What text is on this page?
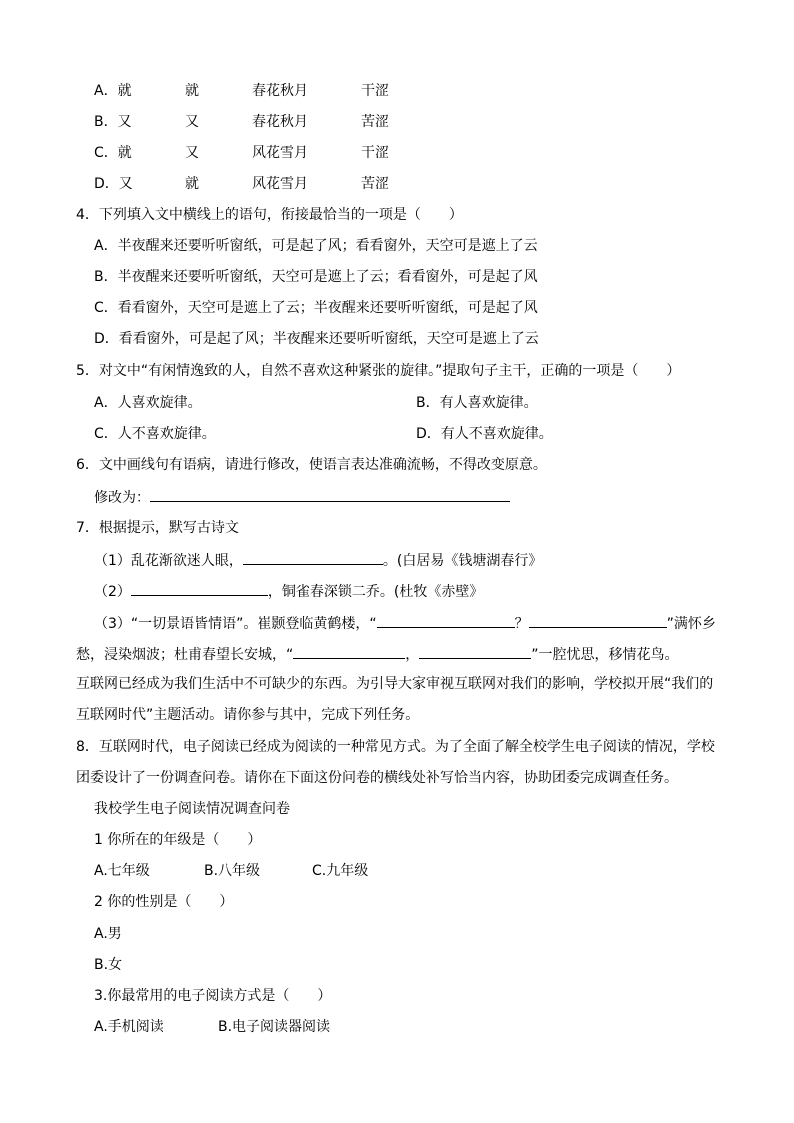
A．就	就	春花秋月	干涩
B．又	又	春花秋月	苦涩
C．就	又	风花雪月	干涩
D．又	就	风花雪月	苦涩
4．下列填入文中横线上的语句，衔接最恰当的一项是（　　）
A．半夜醒来还要听听窗纸，可是起了风；看看窗外，天空可是遮上了云
B．半夜醒来还要听听窗纸，天空可是遮上了云；看看窗外，可是起了风
C．看看窗外，天空可是遮上了云；半夜醒来还要听听窗纸，可是起了风
D．看看窗外，可是起了风；半夜醒来还要听听窗纸，天空可是遮上了云
5．对文中“有闲情逸致的人，自然不喜欢这种紧张的旋律。”提取句子主干，正确的一项是（　　）
A．人喜欢旋律。	B．有人喜欢旋律。
C．人不喜欢旋律。	D．有人不喜欢旋律。
6．文中画线句有语病，请进行修改，使语言表达准确流畅，不得改变原意。
修改为：
7．根据提示，默写古诗文
（1）乱花渐欲迷人眼，	。(白居易《钱塘湖春行》
（2）	，铜雀春深锁二乔。(杜牧《赤壁》
（3）“一切景语皆情语”。崔颢登临黄鹤楼，“	？	”满怀乡
愁，浸染烟波；杜甫春望长安城，“	，	”一腔忧思，移情花鸟。
互联网已经成为我们生活中不可缺少的东西。为引导大家审视互联网对我们的影响，学校拟开展“我们的
互联网时代”主题活动。请你参与其中，完成下列任务。
8．互联网时代，电子阅读已经成为阅读的一种常见方式。为了全面了解全校学生电子阅读的情况，学校
团委设计了一份调查问卷。请你在下面这份问卷的横线处补写恰当内容，协助团委完成调查任务。
我校学生电子阅读情况调查问卷
1 你所在的年级是（　　）
A.七年级	B.八年级	C.九年级
2 你的性别是（　　）
A.男
B.女
3.你最常用的电子阅读方式是（　　）
A.手机阅读	B.电子阅读器阅读
